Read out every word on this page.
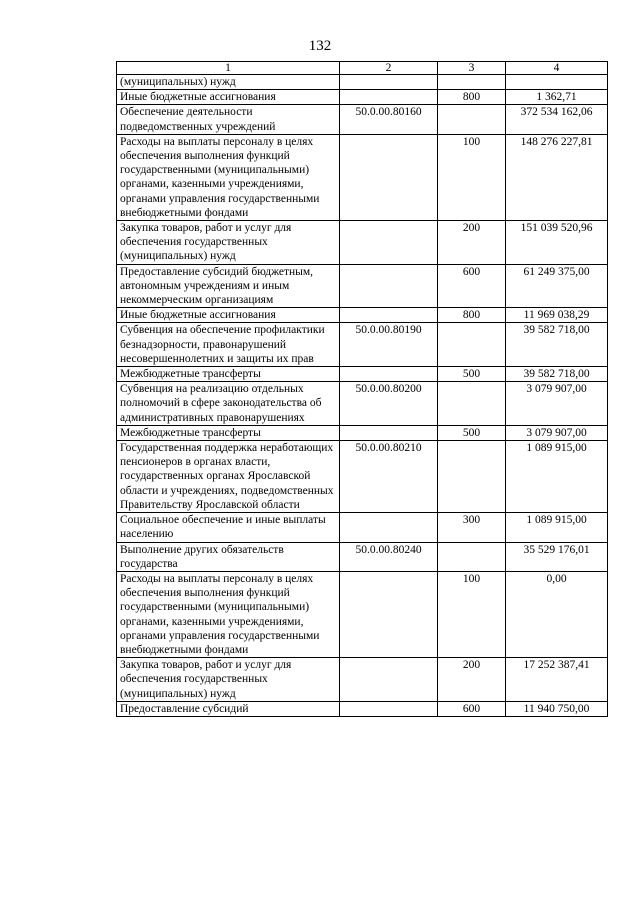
132
1	2	3	4
(муниципальных) нужд			
Иные бюджетные ассигнования		800	1 362,71
Обеспечение деятельности подведомственных учреждений	50.0.00.80160		372 534 162,06
Расходы на выплаты персоналу в целях обеспечения выполнения функций государственными (муниципальными) органами, казенными учреждениями, органами управления государственными внебюджетными фондами		100	148 276 227,81
Закупка товаров, работ и услуг для обеспечения государственных (муниципальных) нужд		200	151 039 520,96
Предоставление субсидий бюджетным, автономным учреждениям и иным некоммерческим организациям		600	61 249 375,00
Иные бюджетные ассигнования		800	11 969 038,29
Субвенция на обеспечение профилактики безнадзорности, правонарушений несовершеннолетних и защиты их прав	50.0.00.80190		39 582 718,00
Межбюджетные трансферты		500	39 582 718,00
Субвенция на реализацию отдельных полномочий в сфере законодательства об административных правонарушениях	50.0.00.80200		3 079 907,00
Межбюджетные трансферты		500	3 079 907,00
Государственная поддержка неработающих пенсионеров в органах власти, государственных органах Ярославской области и учреждениях, подведомственных Правительству Ярославской области	50.0.00.80210		1 089 915,00
Социальное обеспечение и иные выплаты населению		300	1 089 915,00
Выполнение других обязательств государства	50.0.00.80240		35 529 176,01
Расходы на выплаты персоналу в целях обеспечения выполнения функций государственными (муниципальными) органами, казенными учреждениями, органами управления государственными внебюджетными фондами		100	0,00
Закупка товаров, работ и услуг для обеспечения государственных (муниципальных) нужд		200	17 252 387,41
Предоставление субсидий		600	11 940 750,00
